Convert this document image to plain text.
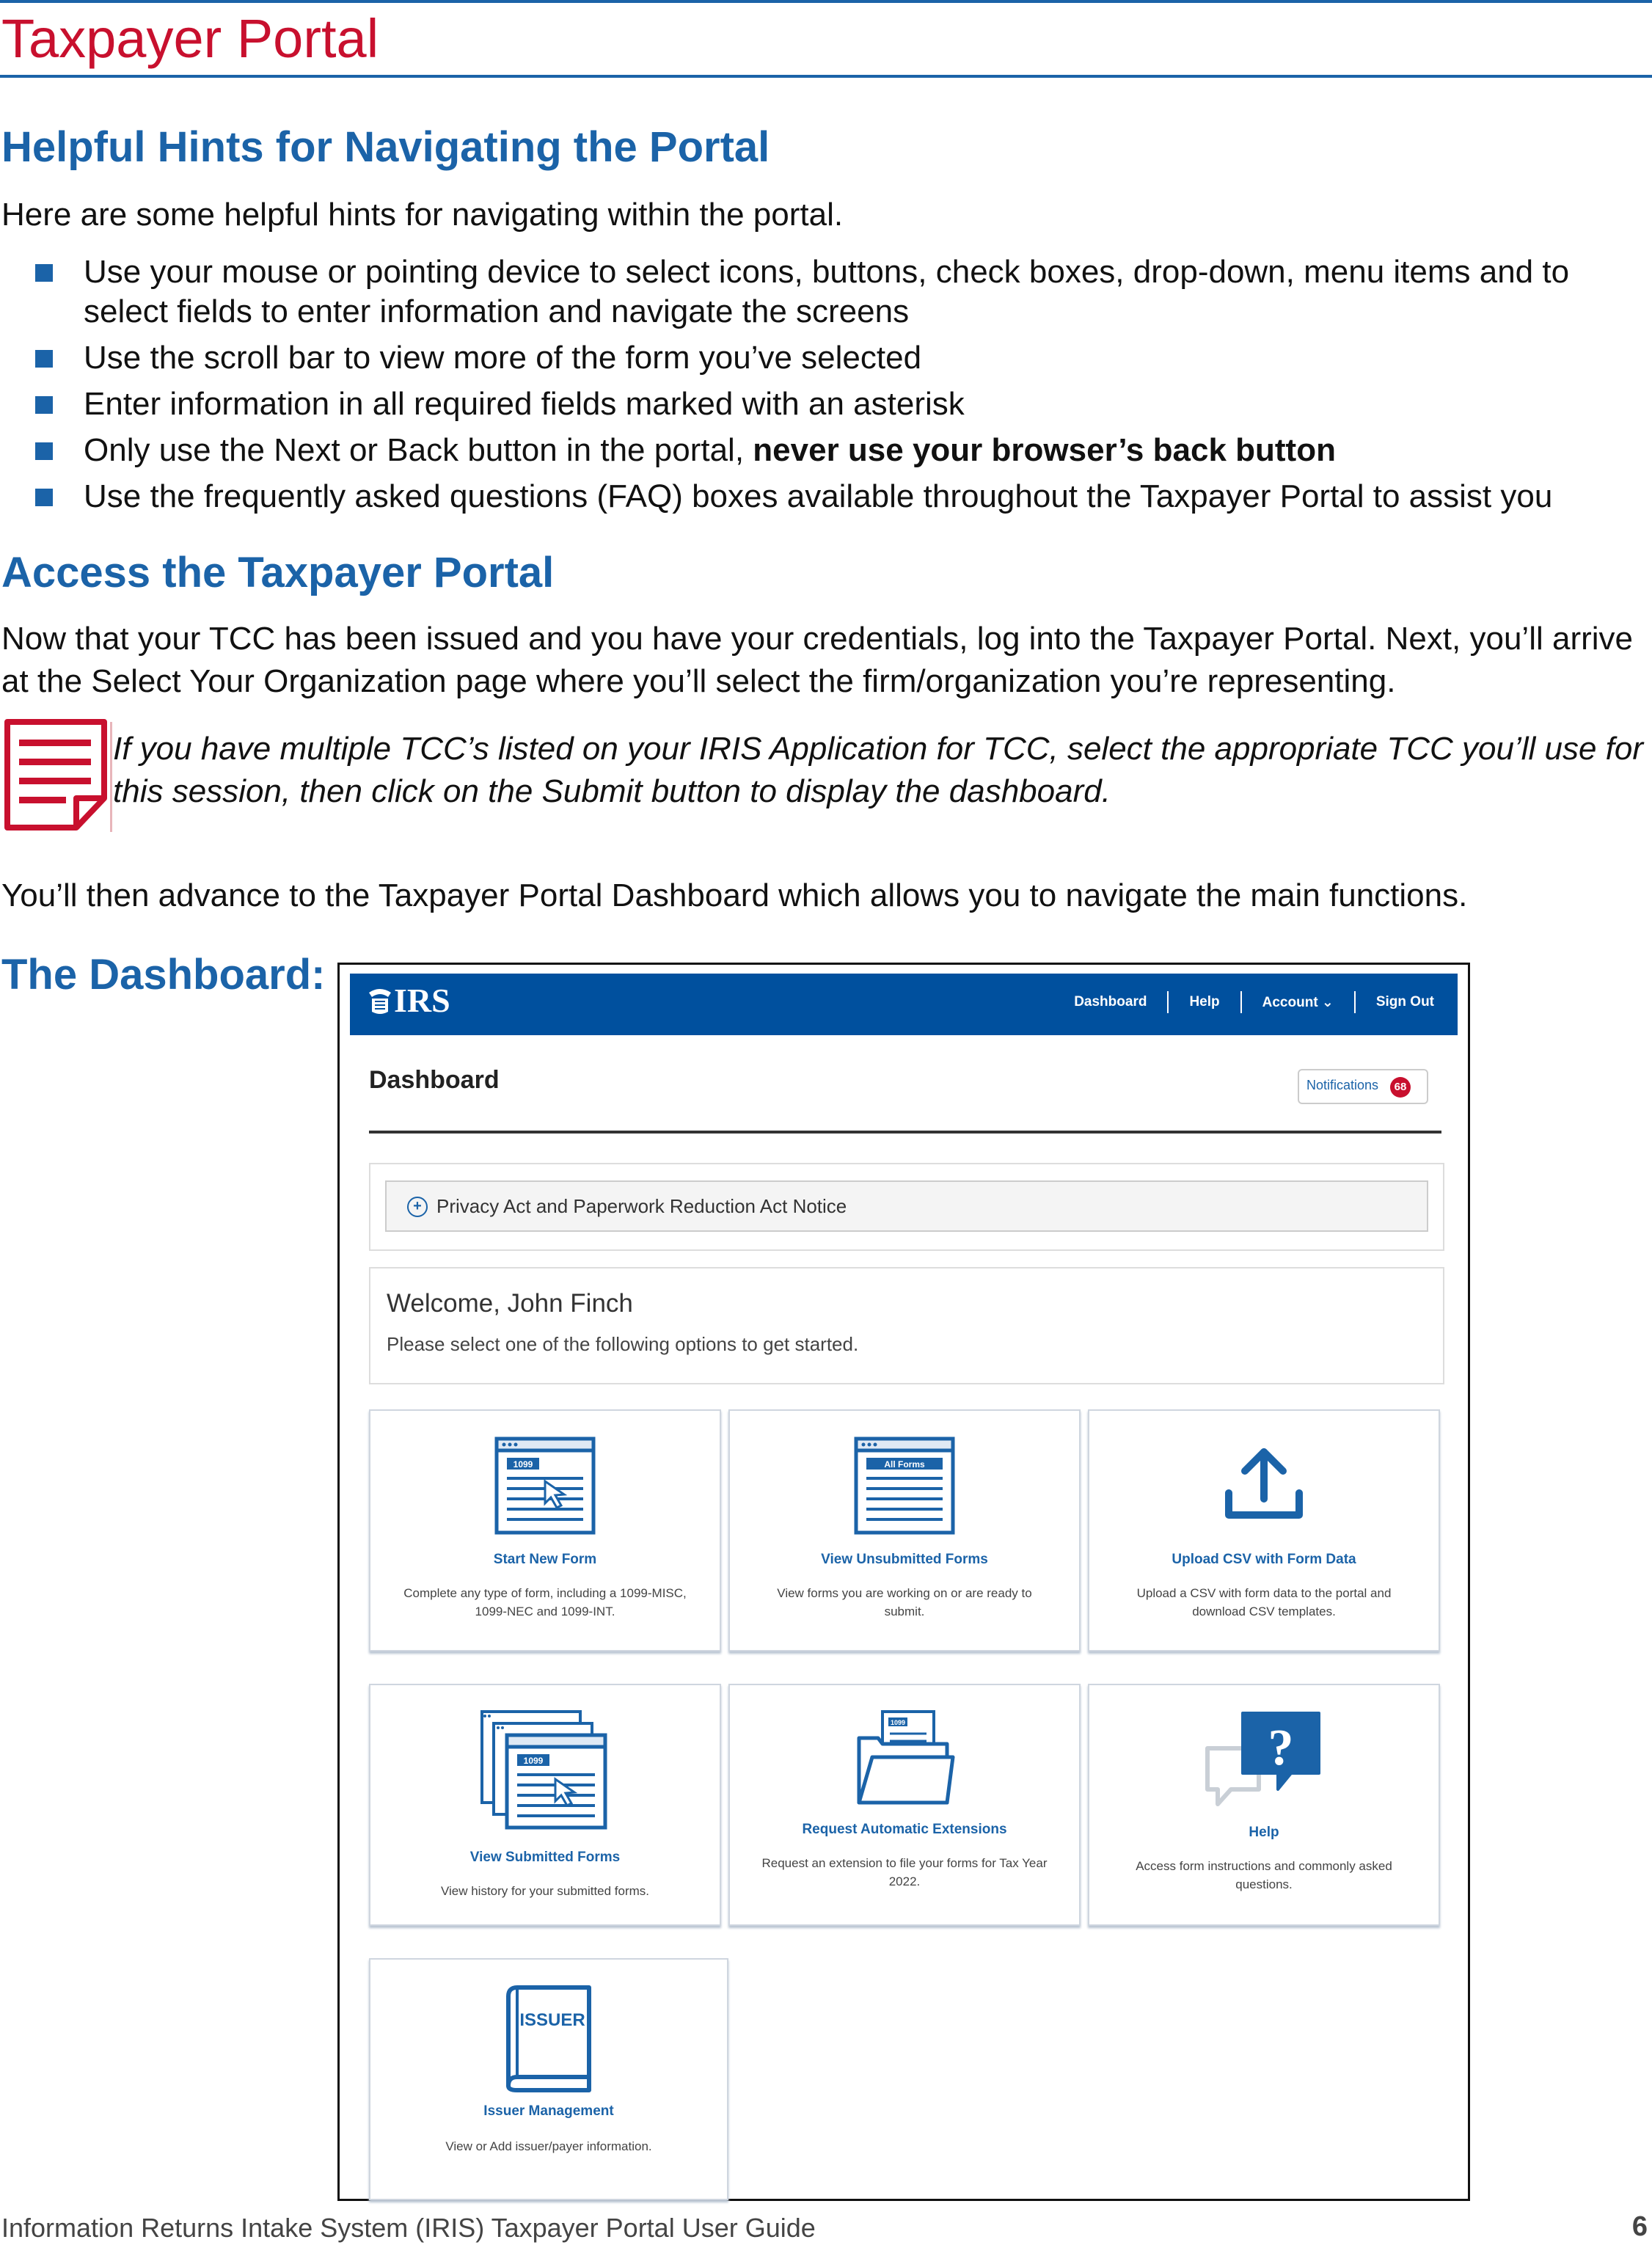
Taxpayer Portal
Helpful Hints for Navigating the Portal

Here are some helpful hints for navigating within the portal.

Use your mouse or pointing device to select icons, buttons, check boxes, drop-down, menu items and to select fields to enter information and navigate the screens
Use the scroll bar to view more of the form you’ve selected
Enter information in all required fields marked with an asterisk
Only use the Next or Back button in the portal, never use your browser’s back button
Use the frequently asked questions (FAQ) boxes available throughout the Taxpayer Portal to assist you
Access the Taxpayer Portal

Now that your TCC has been issued and you have your credentials, log into the Taxpayer Portal. Next, you’ll arrive at the Select Your Organization page where you’ll select the firm/organization you’re representing.

If you have multiple TCC’s listed on your IRIS Application for TCC, select the appropriate TCC you’ll use for this session, then click on the Submit button to display the dashboard.

You’ll then advance to the Taxpayer Portal Dashboard which allows you to navigate the main functions.

The Dashboard:
IRS	Dashboard	Help	Account ⌄	Sign Out
Dashboard	Notifications	68
+ Privacy Act and Paperwork Reduction Act Notice
Welcome, John Finch
Please select one of the following options to get started.
1099
Start New Form
Complete any type of form, including a 1099-MISC, 1099-NEC and 1099-INT.
All Forms
View Unsubmitted Forms
View forms you are working on or are ready to submit.
Upload CSV with Form Data
Upload a CSV with form data to the portal and download CSV templates.
1099
View Submitted Forms
View history for your submitted forms.
1099
Request Automatic Extensions
Request an extension to file your forms for Tax Year 2022.
?
Help
Access form instructions and commonly asked questions.
ISSUER
Issuer Management
View or Add issuer/payer information.
Information Returns Intake System (IRIS) Taxpayer Portal User Guide	6
